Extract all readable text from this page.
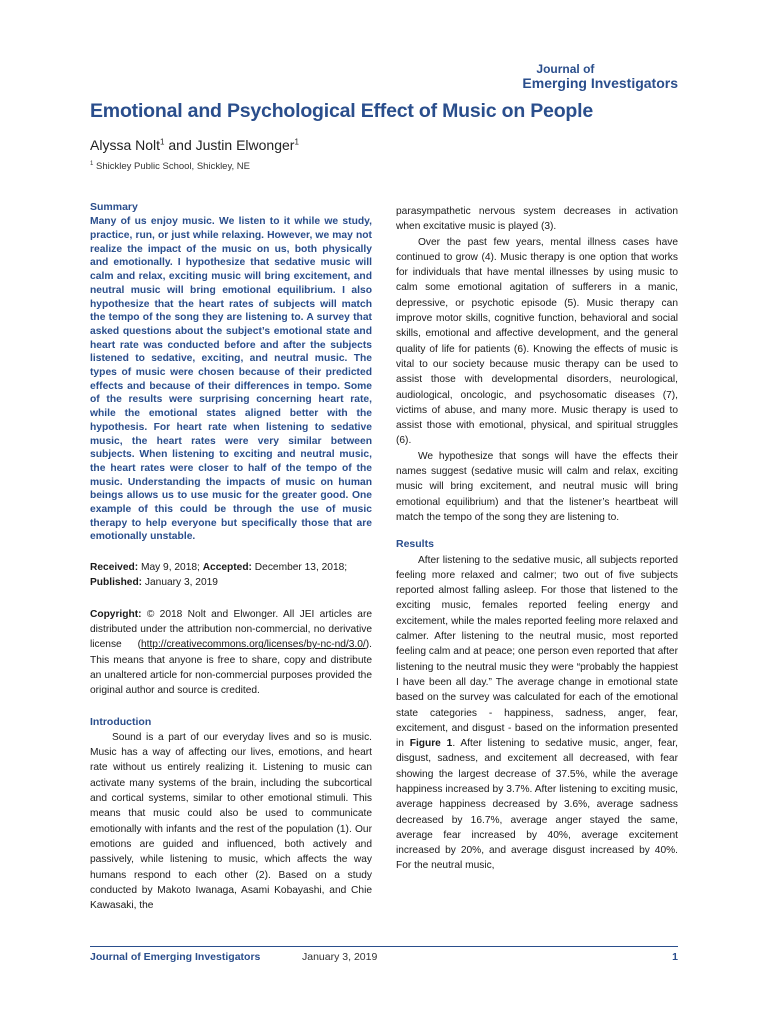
Journal of
Emerging Investigators
Emotional and Psychological Effect of Music on People
Alyssa Nolt$^1$ and Justin Elwonger$^1$
$^1$ Shickley Public School, Shickley, NE
Summary

Many of us enjoy music. We listen to it while we study, practice, run, or just while relaxing. However, we may not realize the impact of the music on us, both physically and emotionally. I hypothesize that sedative music will calm and relax, exciting music will bring excitement, and neutral music will bring emotional equilibrium. I also hypothesize that the heart rates of subjects will match the tempo of the song they are listening to. A survey that asked questions about the subject’s emotional state and heart rate was conducted before and after the subjects listened to sedative, exciting, and neutral music. The types of music were chosen because of their predicted effects and because of their differences in tempo. Some of the results were surprising concerning heart rate, while the emotional states aligned better with the hypothesis. For heart rate when listening to sedative music, the heart rates were very similar between subjects. When listening to exciting and neutral music, the heart rates were closer to half of the tempo of the music. Understanding the impacts of music on human beings allows us to use music for the greater good. One example of this could be through the use of music therapy to help everyone but specifically those that are emotionally unstable.

Received: May 9, 2018; Accepted: December 13, 2018;
Published: January 3, 2019

Copyright: © 2018 Nolt and Elwonger. All JEI articles are distributed under the attribution non-commercial, no derivative license (http://creativecommons.org/licenses/by-nc-nd/3.0/). This means that anyone is free to share, copy and distribute an unaltered article for non-commercial purposes provided the original author and source is credited.

Introduction

Sound is a part of our everyday lives and so is music. Music has a way of affecting our lives, emotions, and heart rate without us entirely realizing it. Listening to music can activate many systems of the brain, including the subcortical and cortical systems, similar to other emotional stimuli. This means that music could also be used to communicate emotionally with infants and the rest of the population (1). Our emotions are guided and influenced, both actively and passively, while listening to music, which affects the way humans respond to each other (2). Based on a study conducted by Makoto Iwanaga, Asami Kobayashi, and Chie Kawasaki, the

parasympathetic nervous system decreases in activation when excitative music is played (3).

Over the past few years, mental illness cases have continued to grow (4). Music therapy is one option that works for individuals that have mental illnesses by using music to calm some emotional agitation of sufferers in a manic, depressive, or psychotic episode (5). Music therapy can improve motor skills, cognitive function, behavioral and social skills, emotional and affective development, and the general quality of life for patients (6). Knowing the effects of music is vital to our society because music therapy can be used to assist those with developmental disorders, neurological, audiological, oncologic, and psychosomatic diseases (7), victims of abuse, and many more. Music therapy is used to assist those with emotional, physical, and spiritual struggles (6).

We hypothesize that songs will have the effects their names suggest (sedative music will calm and relax, exciting music will bring excitement, and neutral music will bring emotional equilibrium) and that the listener’s heartbeat will match the tempo of the song they are listening to.

Results

After listening to the sedative music, all subjects reported feeling more relaxed and calmer; two out of five subjects reported almost falling asleep. For those that listened to the exciting music, females reported feeling energy and excitement, while the males reported feeling more relaxed and calmer. After listening to the neutral music, most reported feeling calm and at peace; one person even reported that after listening to the neutral music they were “probably the happiest I have been all day.” The average change in emotional state based on the survey was calculated for each of the emotional state categories - happiness, sadness, anger, fear, excitement, and disgust - based on the information presented in Figure 1. After listening to sedative music, anger, fear, disgust, sadness, and excitement all decreased, with fear showing the largest decrease of 37.5%, while the average happiness increased by 3.7%. After listening to exciting music, average happiness decreased by 3.6%, average sadness decreased by 16.7%, average anger stayed the same, average fear increased by 40%, average excitement increased by 20%, and average disgust increased by 40%. For the neutral music,

Journal of Emerging Investigators	January 3, 2019	1
